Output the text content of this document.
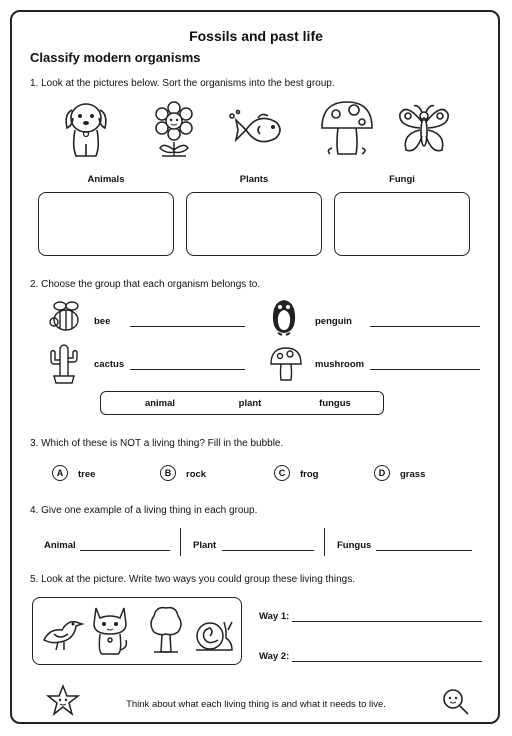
Fossils and past life
Classify modern organisms
1. Look at the pictures below. Sort the organisms into the best group.
Animals	Plants	Fungi
2. Choose the group that each organism belongs to.
bee	penguin
cactus	mushroom
animal	plant	fungus
3. Which of these is NOT a living thing? Fill in the bubble.
A	tree	B	rock	C	frog	D	grass
4. Give one example of a living thing in each group.
Animal	Plant	Fungus
5. Look at the picture. Write two ways you could group these living things.
Way 1:
Way 2:
Think about what each living thing is and what it needs to live.
